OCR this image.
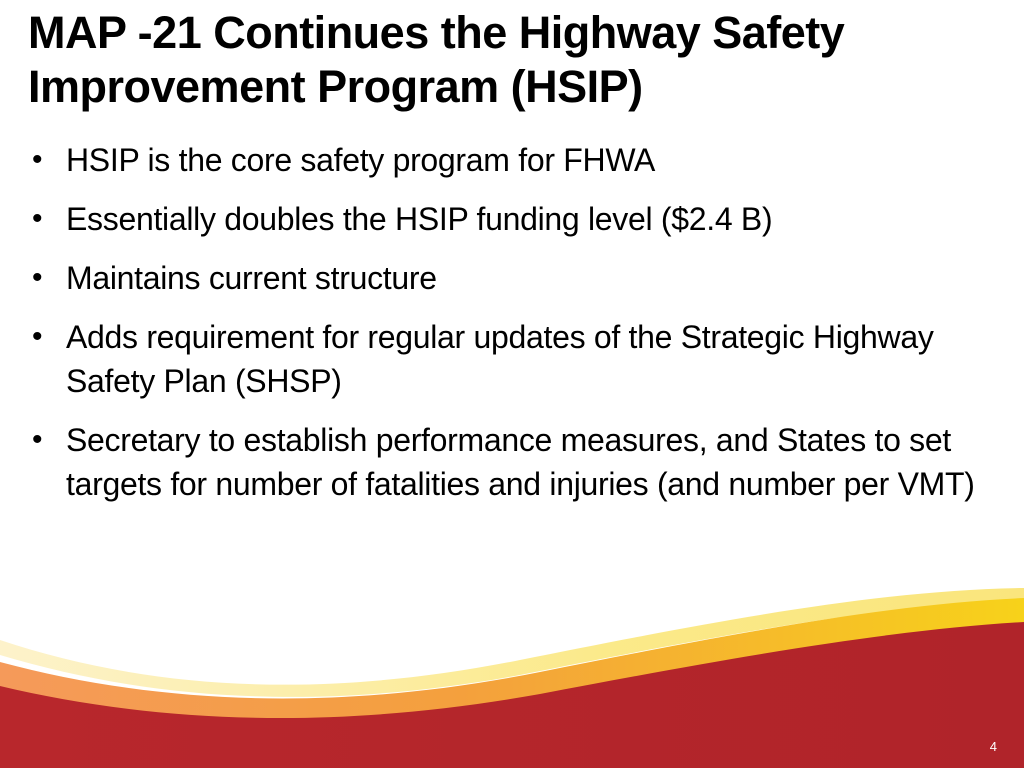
MAP -21 Continues the Highway Safety Improvement Program (HSIP)
• HSIP is the core safety program for FHWA
• Essentially doubles the HSIP funding level ($2.4 B)
• Maintains current structure
• Adds requirement for regular updates of the Strategic Highway Safety Plan (SHSP)
• Secretary to establish performance measures, and States to set targets for number of fatalities and injuries (and number per VMT)
4
